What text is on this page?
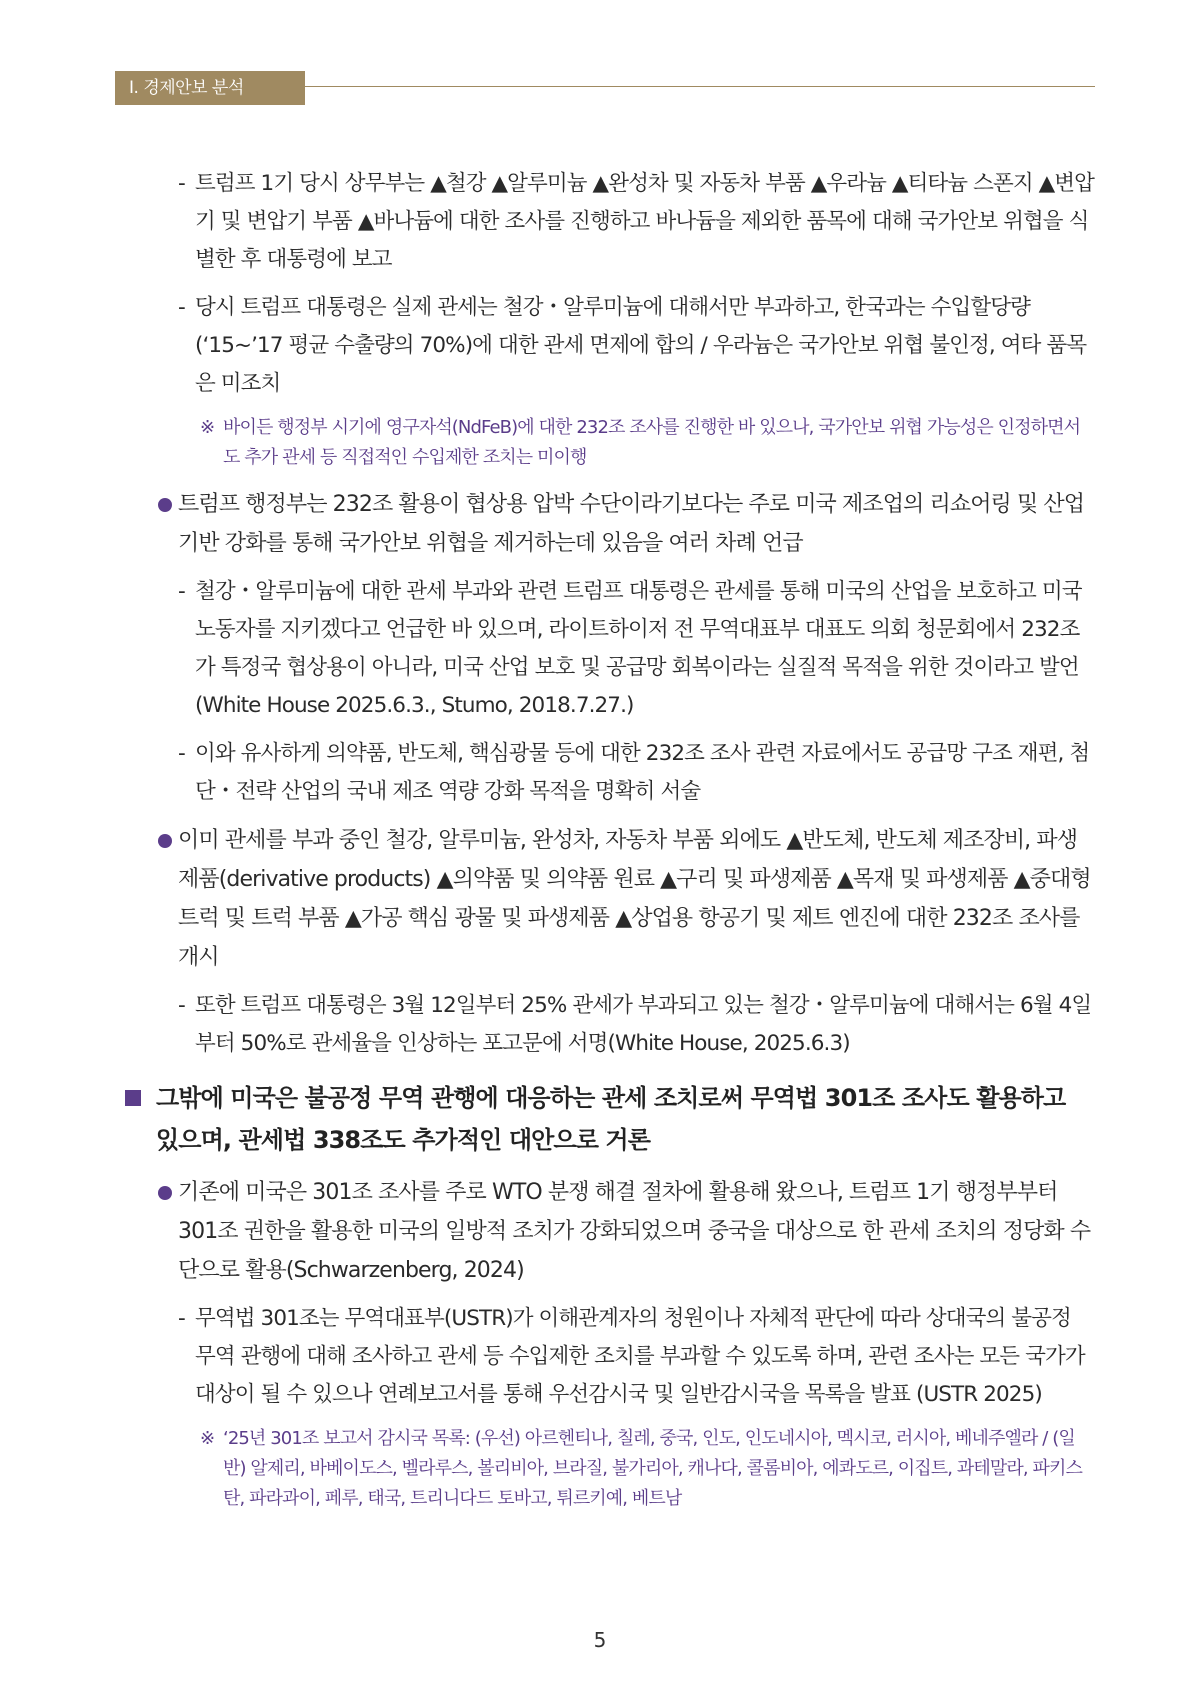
Ⅰ. 경제안보 분석
- 트럼프 1기 당시 상무부는 ▲철강 ▲알루미늄 ▲완성차 및 자동차 부품 ▲우라늄 ▲티타늄 스폰지 ▲변압기 및 변압기 부품 ▲바나듐에 대한 조사를 진행하고 바나듐을 제외한 품목에 대해 국가안보 위협을 식별한 후 대통령에 보고
- 당시 트럼프 대통령은 실제 관세는 철강・알루미늄에 대해서만 부과하고, 한국과는 수입할당량 (‘15~’17 평균 수출량의 70%)에 대한 관세 면제에 합의 / 우라늄은 국가안보 위협 불인정, 여타 품목은 미조치
※ 바이든 행정부 시기에 영구자석(NdFeB)에 대한 232조 조사를 진행한 바 있으나, 국가안보 위협 가능성은 인정하면서도 추가 관세 등 직접적인 수입제한 조치는 미이행
트럼프 행정부는 232조 활용이 협상용 압박 수단이라기보다는 주로 미국 제조업의 리쇼어링 및 산업 기반 강화를 통해 국가안보 위협을 제거하는데 있음을 여러 차례 언급
- 철강・알루미늄에 대한 관세 부과와 관련 트럼프 대통령은 관세를 통해 미국의 산업을 보호하고 미국 노동자를 지키겠다고 언급한 바 있으며, 라이트하이저 전 무역대표부 대표도 의회 청문회에서 232조가 특정국 협상용이 아니라, 미국 산업 보호 및 공급망 회복이라는 실질적 목적을 위한 것이라고 발언(White House 2025.6.3., Stumo, 2018.7.27.)
- 이와 유사하게 의약품, 반도체, 핵심광물 등에 대한 232조 조사 관련 자료에서도 공급망 구조 재편, 첨단・전략 산업의 국내 제조 역량 강화 목적을 명확히 서술
이미 관세를 부과 중인 철강, 알루미늄, 완성차, 자동차 부품 외에도 ▲반도체, 반도체 제조장비, 파생제품(derivative products) ▲의약품 및 의약품 원료 ▲구리 및 파생제품 ▲목재 및 파생제품 ▲중대형 트럭 및 트럭 부품 ▲가공 핵심 광물 및 파생제품 ▲상업용 항공기 및 제트 엔진에 대한 232조 조사를 개시
- 또한 트럼프 대통령은 3월 12일부터 25% 관세가 부과되고 있는 철강・알루미늄에 대해서는 6월 4일부터 50%로 관세율을 인상하는 포고문에 서명(White House, 2025.6.3)
그밖에 미국은 불공정 무역 관행에 대응하는 관세 조치로써 무역법 301조 조사도 활용하고 있으며, 관세법 338조도 추가적인 대안으로 거론
기존에 미국은 301조 조사를 주로 WTO 분쟁 해결 절차에 활용해 왔으나, 트럼프 1기 행정부부터 301조 권한을 활용한 미국의 일방적 조치가 강화되었으며 중국을 대상으로 한 관세 조치의 정당화 수단으로 활용(Schwarzenberg, 2024)
- 무역법 301조는 무역대표부(USTR)가 이해관계자의 청원이나 자체적 판단에 따라 상대국의 불공정 무역 관행에 대해 조사하고 관세 등 수입제한 조치를 부과할 수 있도록 하며, 관련 조사는 모든 국가가 대상이 될 수 있으나 연례보고서를 통해 우선감시국 및 일반감시국을 목록을 발표 (USTR 2025)
※ ‘25년 301조 보고서 감시국 목록: (우선) 아르헨티나, 칠레, 중국, 인도, 인도네시아, 멕시코, 러시아, 베네주엘라 / (일반) 알제리, 바베이도스, 벨라루스, 볼리비아, 브라질, 불가리아, 캐나다, 콜롬비아, 에콰도르, 이집트, 과테말라, 파키스탄, 파라과이, 페루, 태국, 트리니다드 토바고, 튀르키예, 베트남
5
